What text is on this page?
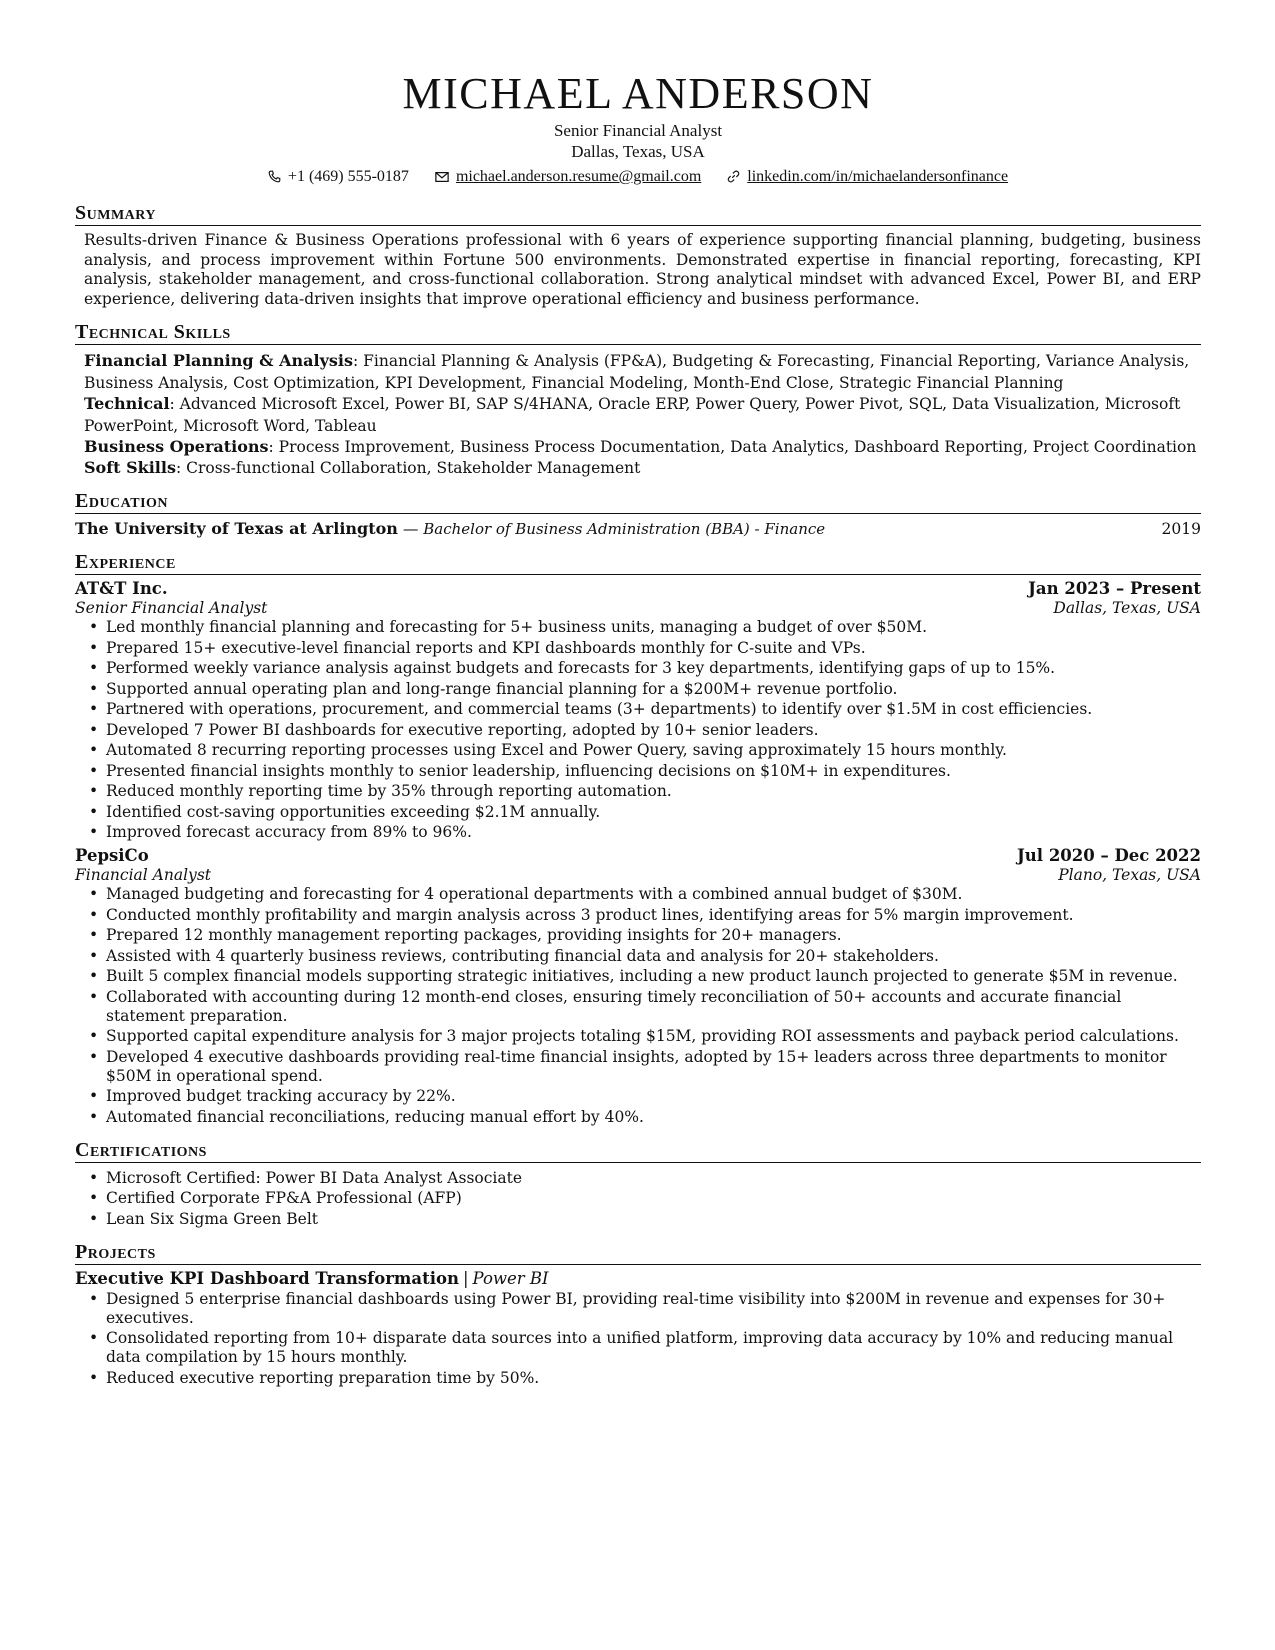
MICHAEL ANDERSON
Senior Financial Analyst
Dallas, Texas, USA
+1 (469) 555-0187	michael.anderson.resume@gmail.com	linkedin.com/in/michaelandersonfinance
Summary
Results-driven Finance & Business Operations professional with 6 years of experience supporting financial planning, budgeting, business analysis, and process improvement within Fortune 500 environments. Demonstrated expertise in financial reporting, forecasting, KPI analysis, stakeholder management, and cross-functional collaboration. Strong analytical mindset with advanced Excel, Power BI, and ERP experience, delivering data-driven insights that improve operational efficiency and business performance.
Technical Skills
Financial Planning & Analysis: Financial Planning & Analysis (FP&A), Budgeting & Forecasting, Financial Reporting, Variance Analysis, Business Analysis, Cost Optimization, KPI Development, Financial Modeling, Month-End Close, Strategic Financial Planning
Technical: Advanced Microsoft Excel, Power BI, SAP S/4HANA, Oracle ERP, Power Query, Power Pivot, SQL, Data Visualization, Microsoft PowerPoint, Microsoft Word, Tableau
Business Operations: Process Improvement, Business Process Documentation, Data Analytics, Dashboard Reporting, Project Coordination
Soft Skills: Cross-functional Collaboration, Stakeholder Management
Education
The University of Texas at Arlington — Bachelor of Business Administration (BBA) - Finance	2019
Experience
AT&T Inc.	Jan 2023 – Present
Senior Financial Analyst	Dallas, Texas, USA
• Led monthly financial planning and forecasting for 5+ business units, managing a budget of over $50M.
• Prepared 15+ executive-level financial reports and KPI dashboards monthly for C-suite and VPs.
• Performed weekly variance analysis against budgets and forecasts for 3 key departments, identifying gaps of up to 15%.
• Supported annual operating plan and long-range financial planning for a $200M+ revenue portfolio.
• Partnered with operations, procurement, and commercial teams (3+ departments) to identify over $1.5M in cost efficiencies.
• Developed 7 Power BI dashboards for executive reporting, adopted by 10+ senior leaders.
• Automated 8 recurring reporting processes using Excel and Power Query, saving approximately 15 hours monthly.
• Presented financial insights monthly to senior leadership, influencing decisions on $10M+ in expenditures.
• Reduced monthly reporting time by 35% through reporting automation.
• Identified cost-saving opportunities exceeding $2.1M annually.
• Improved forecast accuracy from 89% to 96%.
PepsiCo	Jul 2020 – Dec 2022
Financial Analyst	Plano, Texas, USA
• Managed budgeting and forecasting for 4 operational departments with a combined annual budget of $30M.
• Conducted monthly profitability and margin analysis across 3 product lines, identifying areas for 5% margin improvement.
• Prepared 12 monthly management reporting packages, providing insights for 20+ managers.
• Assisted with 4 quarterly business reviews, contributing financial data and analysis for 20+ stakeholders.
• Built 5 complex financial models supporting strategic initiatives, including a new product launch projected to generate $5M in revenue.
• Collaborated with accounting during 12 month-end closes, ensuring timely reconciliation of 50+ accounts and accurate financial statement preparation.
• Supported capital expenditure analysis for 3 major projects totaling $15M, providing ROI assessments and payback period calculations.
• Developed 4 executive dashboards providing real-time financial insights, adopted by 15+ leaders across three departments to monitor $50M in operational spend.
• Improved budget tracking accuracy by 22%.
• Automated financial reconciliations, reducing manual effort by 40%.
Certifications
• Microsoft Certified: Power BI Data Analyst Associate
• Certified Corporate FP&A Professional (AFP)
• Lean Six Sigma Green Belt
Projects
Executive KPI Dashboard Transformation | Power BI
• Designed 5 enterprise financial dashboards using Power BI, providing real-time visibility into $200M in revenue and expenses for 30+ executives.
• Consolidated reporting from 10+ disparate data sources into a unified platform, improving data accuracy by 10% and reducing manual data compilation by 15 hours monthly.
• Reduced executive reporting preparation time by 50%.
